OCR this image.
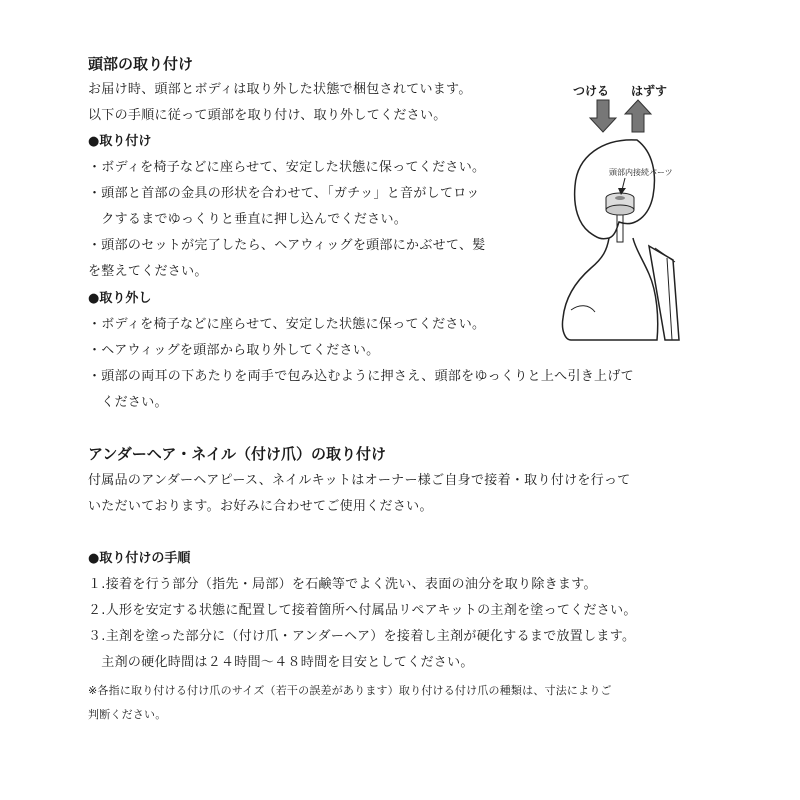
頭部の取り付け
お届け時、頭部とボディは取り外した状態で梱包されています。
以下の手順に従って頭部を取り付け、取り外してください。
●取り付け
・ボディを椅子などに座らせて、安定した状態に保ってください。
・頭部と首部の金具の形状を合わせて、「ガチッ」と音がしてロッ
　クするまでゆっくりと垂直に押し込んでください。
・頭部のセットが完了したら、ヘアウィッグを頭部にかぶせて、髪
を整えてください。
●取り外し
・ボディを椅子などに座らせて、安定した状態に保ってください。
・ヘアウィッグを頭部から取り外してください。
・頭部の両耳の下あたりを両手で包み込むように押さえ、頭部をゆっくりと上へ引き上げて
　ください。
つける はずす
頭部内接続パーツ
アンダーヘア・ネイル（付け爪）の取り付け
付属品のアンダーヘアピース、ネイルキットはオーナー様ご自身で接着・取り付けを行って
いただいております。お好みに合わせてご使用ください。
●取り付けの手順
１.接着を行う部分（指先・局部）を石鹸等でよく洗い、表面の油分を取り除きます。
２.人形を安定する状態に配置して接着箇所へ付属品リペアキットの主剤を塗ってください。
３.主剤を塗った部分に（付け爪・アンダーヘア）を接着し主剤が硬化するまで放置します。
　主剤の硬化時間は２４時間～４８時間を目安としてください。
※各指に取り付ける付け爪のサイズ（若干の誤差があります）取り付ける付け爪の種類は、寸法によりご
判断ください。
